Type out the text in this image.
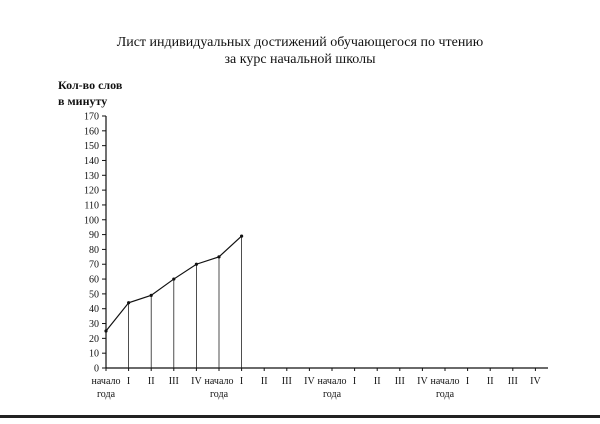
Лист индивидуальных достижений обучающегося по чтению
за курс начальной школы
Кол-во слов
в минуту
0
10
20
30
40
50
60
70
80
90
100
110
120
130
140
150
160
170
начало I II III IV начало I II III IV начало I II III IV начало I II III IV
года	года	года	года
